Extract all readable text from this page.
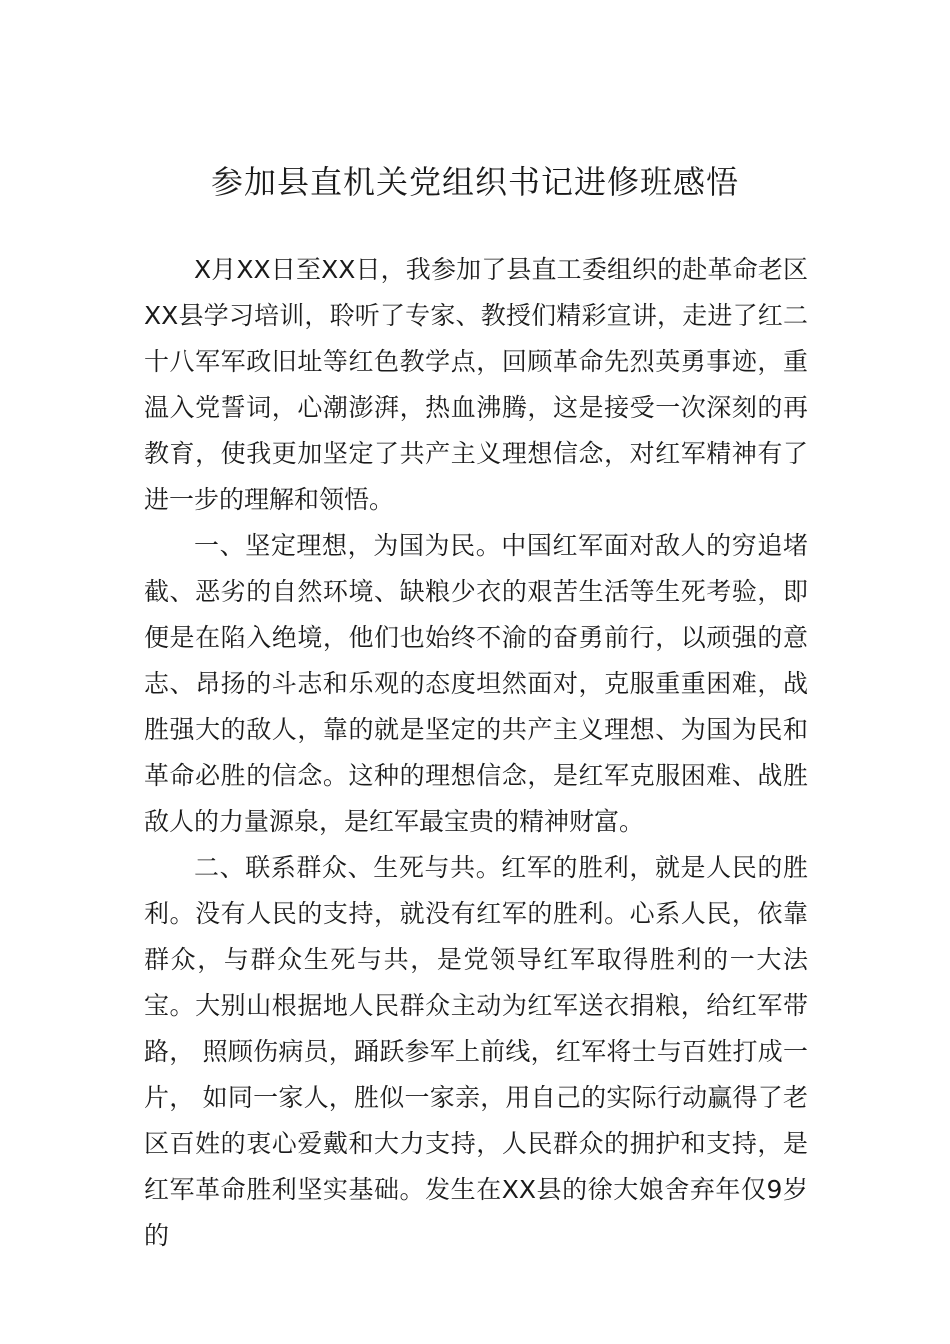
参加县直机关党组织书记进修班感悟

X月XX日至XX日，我参加了县直工委组织的赴革命老区XX县学习培训，聆听了专家、教授们精彩宣讲，走进了红二十八军军政旧址等红色教学点，回顾革命先烈英勇事迹，重温入党誓词，心潮澎湃，热血沸腾，这是接受一次深刻的再教育，使我更加坚定了共产主义理想信念，对红军精神有了进一步的理解和领悟。

一、坚定理想，为国为民。中国红军面对敌人的穷追堵截、恶劣的自然环境、缺粮少衣的艰苦生活等生死考验，即便是在陷入绝境，他们也始终不渝的奋勇前行，以顽强的意志、昂扬的斗志和乐观的态度坦然面对，克服重重困难，战胜强大的敌人，靠的就是坚定的共产主义理想、为国为民和革命必胜的信念。这种的理想信念，是红军克服困难、战胜敌人的力量源泉，是红军最宝贵的精神财富。

二、联系群众、生死与共。红军的胜利，就是人民的胜利。没有人民的支持，就没有红军的胜利。心系人民，依靠群众，与群众生死与共，是党领导红军取得胜利的一大法宝。大别山根据地人民群众主动为红军送衣捐粮，给红军带路， 照顾伤病员，踊跃参军上前线，红军将士与百姓打成一片， 如同一家人，胜似一家亲，用自己的实际行动赢得了老区百姓的衷心爱戴和大力支持，人民群众的拥护和支持，是红军革命胜利坚实基础。发生在XX县的徐大娘舍弃年仅9岁的
